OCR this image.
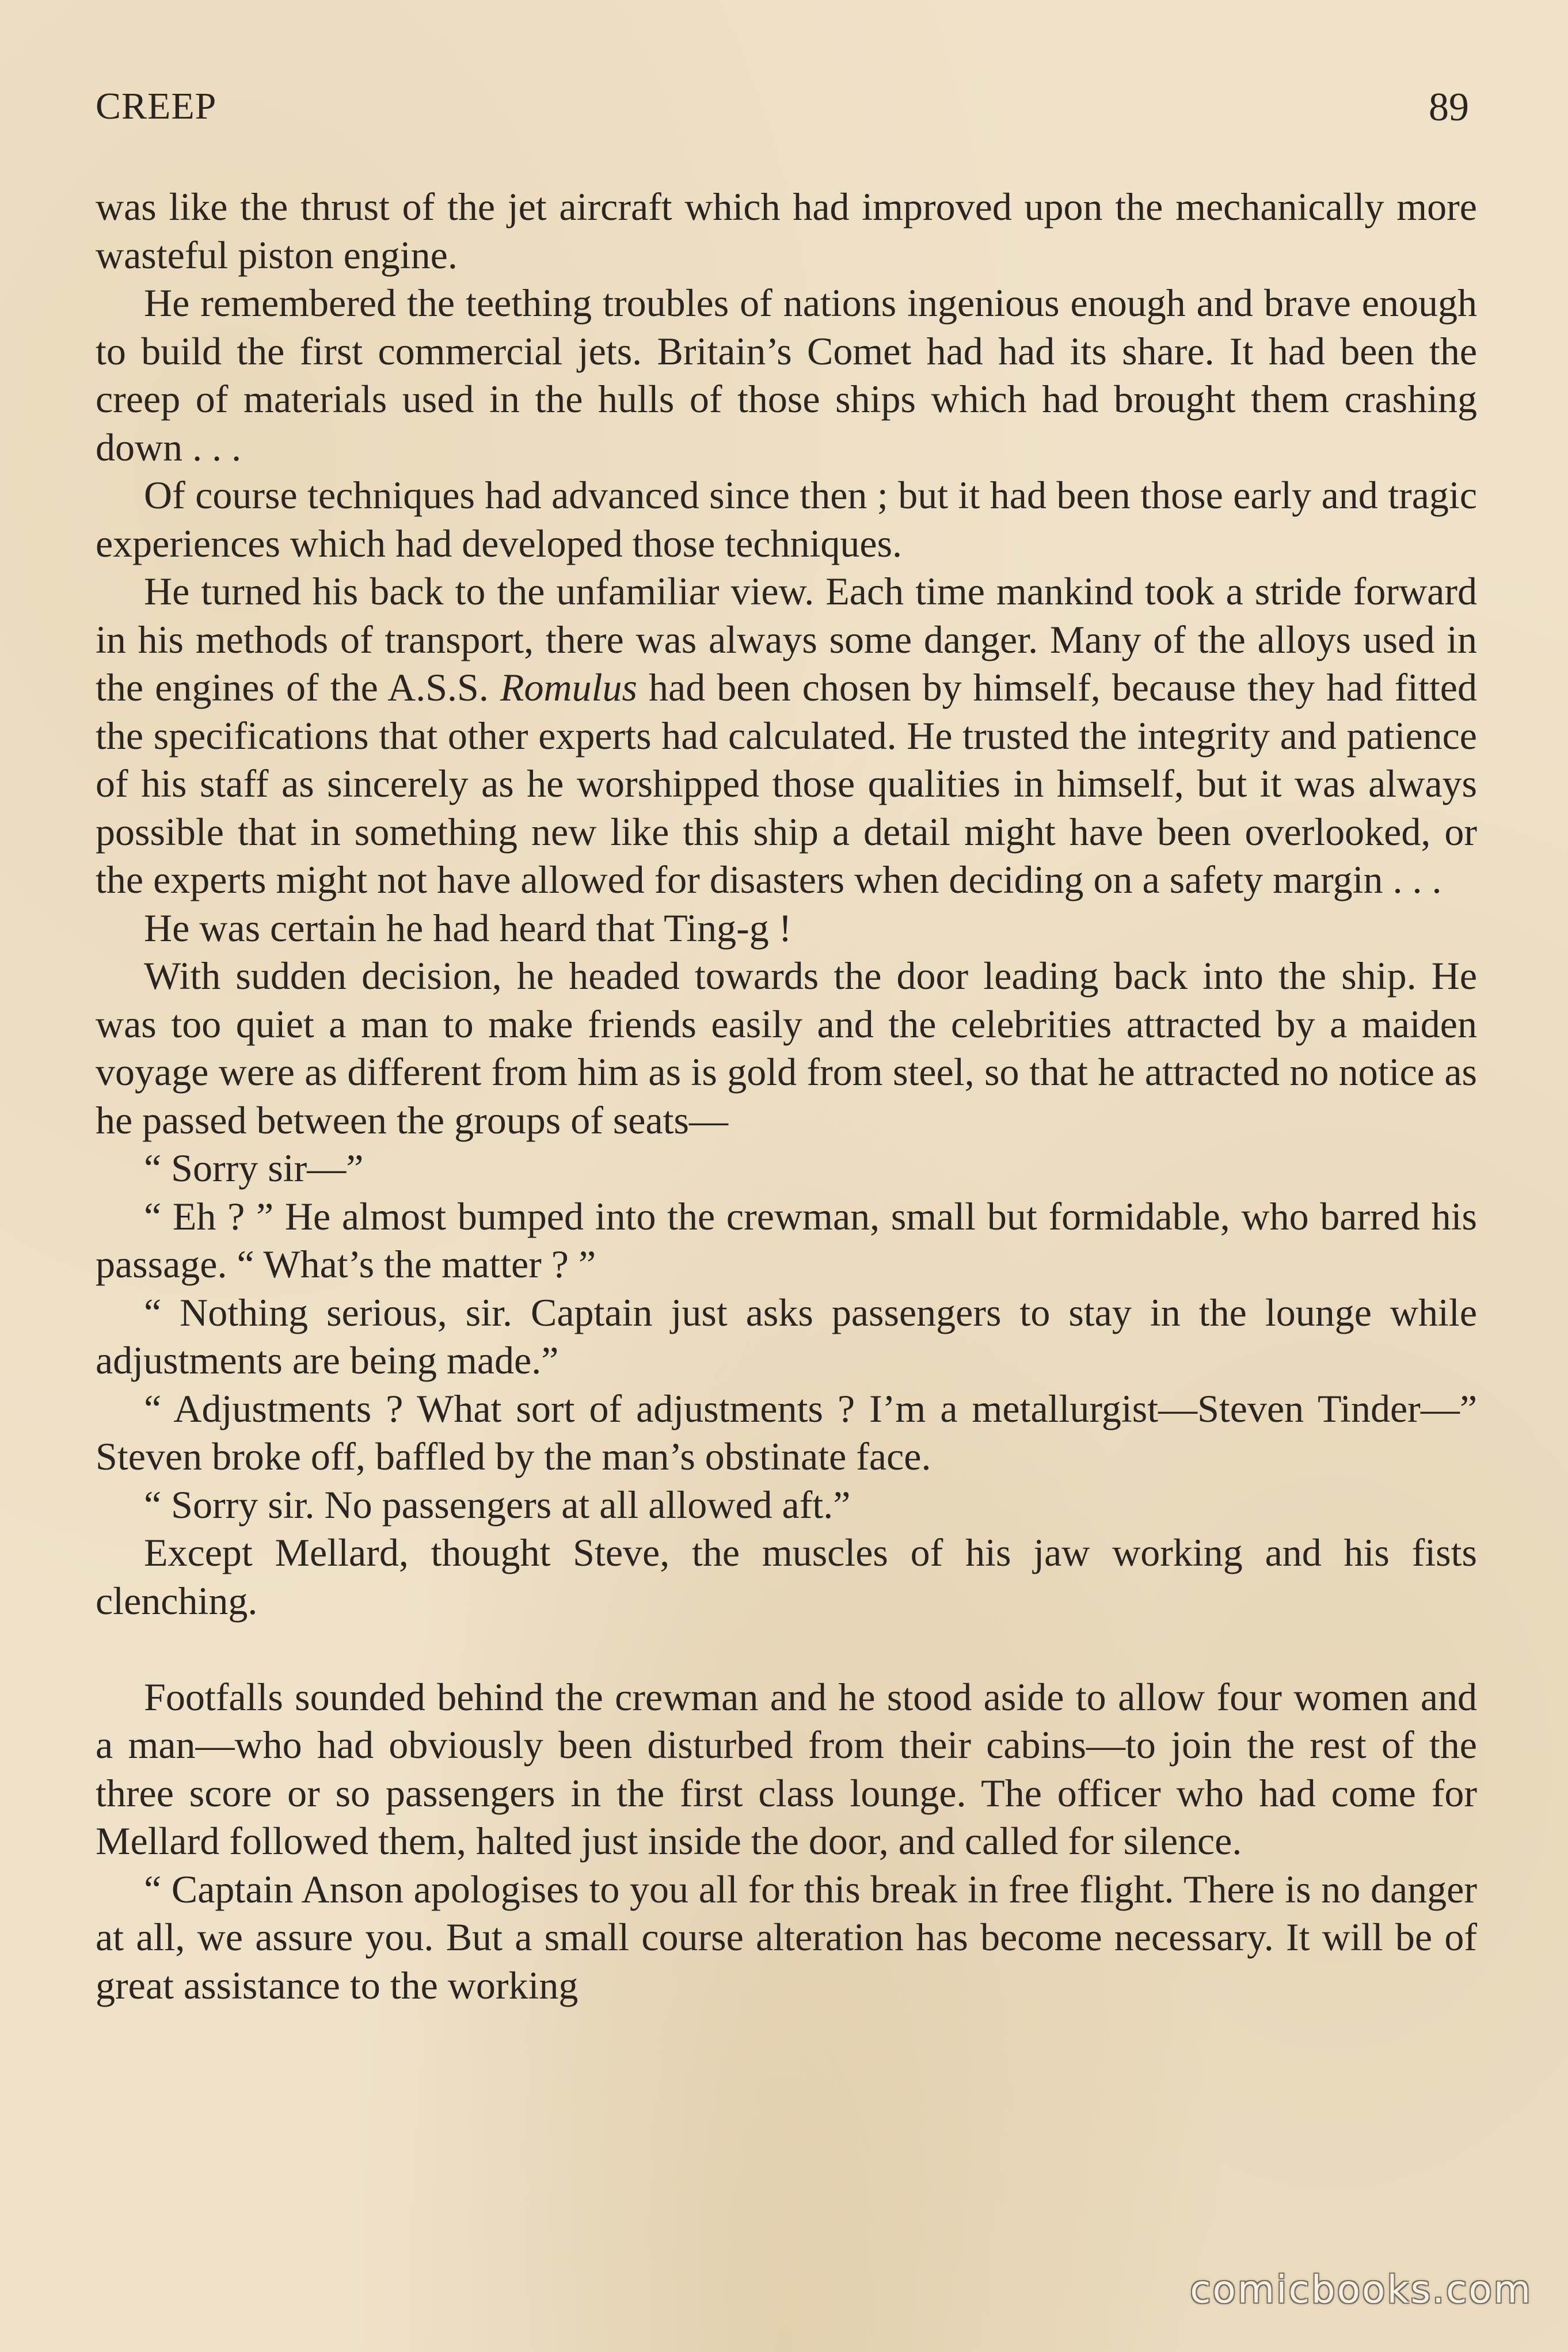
CREEP	89

was like the thrust of the jet aircraft which had improved upon the mechanically more wasteful piston engine.

He remembered the teething troubles of nations ingenious enough and brave enough to build the first commercial jets. Britain’s Comet had had its share. It had been the creep of materials used in the hulls of those ships which had brought them crashing down . . .

Of course techniques had advanced since then ; but it had been those early and tragic experiences which had developed those techniques.

He turned his back to the unfamiliar view. Each time mankind took a stride forward in his methods of transport, there was always some danger. Many of the alloys used in the engines of the A.S.S. Romulus had been chosen by himself, because they had fitted the specifications that other experts had calculated. He trusted the integrity and patience of his staff as sincerely as he worshipped those qualities in himself, but it was always possible that in something new like this ship a detail might have been overlooked, or the experts might not have allowed for disasters when deciding on a safety margin . . .

He was certain he had heard that Ting-g !

With sudden decision, he headed towards the door leading back into the ship. He was too quiet a man to make friends easily and the celebrities attracted by a maiden voyage were as different from him as is gold from steel, so that he attracted no notice as he passed between the groups of seats—

“ Sorry sir—”

“ Eh ? ” He almost bumped into the crewman, small but formidable, who barred his passage. “ What’s the matter ? ”

“ Nothing serious, sir. Captain just asks passengers to stay in the lounge while adjustments are being made.”

“ Adjustments ? What sort of adjustments ? I’m a metallurgist—Steven Tinder—” Steven broke off, baffled by the man’s obstinate face.

“ Sorry sir. No passengers at all allowed aft.”

Except Mellard, thought Steve, the muscles of his jaw working and his fists clenching.

Footfalls sounded behind the crewman and he stood aside to allow four women and a man—who had obviously been disturbed from their cabins—to join the rest of the three score or so passengers in the first class lounge. The officer who had come for Mellard followed them, halted just inside the door, and called for silence.

“ Captain Anson apologises to you all for this break in free flight. There is no danger at all, we assure you. But a small course alteration has become necessary. It will be of great assistance to the working

comicbooks.com
